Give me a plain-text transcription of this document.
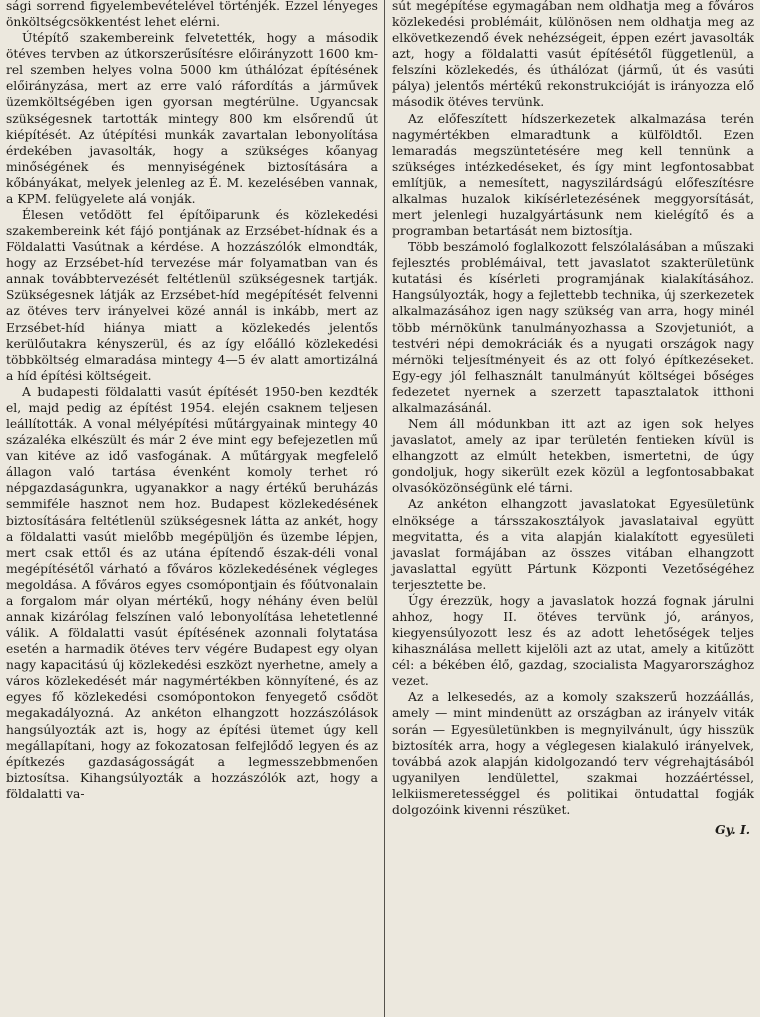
sági sorrend figyelembevételével történjék. Ezzel lényeges önköltségcsökkentést lehet elérni.

Útépítő szakembereink felvetették, hogy a második ötéves tervben az útkorszerűsítésre előirányzott 1600 km-rel szemben helyes volna 5000 km úthálózat építésének előirányzása, mert az erre való ráfordítás a járművek üzemköltségében igen gyorsan megtérülne. Ugyancsak szükségesnek tartották mintegy 800 km elsőrendű út kiépítését. Az útépítési munkák zavartalan lebonyolítása érdekében javasolták, hogy a szükséges kőanyag minőségének és mennyiségének biztosítására a kőbányákat, melyek jelenleg az É. M. kezelésében vannak, a KPM. felügyelete alá vonják.

Élesen vetődött fel építőiparunk és közlekedési szakembereink két fájó pontjának az Erzsébet-hídnak és a Földalatti Vasútnak a kérdése. A hozzászólók elmondták, hogy az Erzsébet-híd tervezése már folyamatban van és annak továbbtervezését feltétlenül szükségesnek tartják. Szükségesnek látják az Erzsébet-híd megépítését felvenni az ötéves terv irányelvei közé annál is inkább, mert az Erzsébet-híd hiánya miatt a közlekedés jelentős kerülőutakra kényszerül, és az így előálló közlekedési többköltség elmaradása mintegy 4—5 év alatt amortizálná a híd építési költségeit.

A budapesti földalatti vasút építését 1950-ben kezdték el, majd pedig az építést 1954. elején csaknem teljesen leállították. A vonal mélyépítési műtárgyainak mintegy 40 százaléka elkészült és már 2 éve mint egy befejezetlen mű van kitéve az idő vasfogának. A műtárgyak megfelelő állagon való tartása évenként komoly terhet ró népgazdaságunkra, ugyanakkor a nagy értékű beruházás semmiféle hasznot nem hoz. Budapest közlekedésének biztosítására feltétlenül szükségesnek látta az ankét, hogy a földalatti vasút mielőbb megépüljön és üzembe lépjen, mert csak ettől és az utána építendő észak-déli vonal megépítésétől várható a főváros közlekedésének végleges megoldása. A főváros egyes csomópontjain és főútvonalain a forgalom már olyan mértékű, hogy néhány éven belül annak kizárólag felszínen való lebonyolítása lehetetlenné válik. A földalatti vasút építésének azonnali folytatása esetén a harmadik ötéves terv végére Budapest egy olyan nagy kapacitású új közlekedési eszközt nyerhetne, amely a város közlekedését már nagymértékben könnyítené, és az egyes fő közlekedési csomópontokon fenyegető csődöt megakadályozná. Az ankéton elhangzott hozzászólások hangsúlyozták azt is, hogy az építési ütemet úgy kell megállapítani, hogy az fokozatosan felfejlődő legyen és az építkezés gazdaságosságát a legmesszebbmenően biztosítsa. Kihangsúlyozták a hozzászólók azt, hogy a földalatti va-

sút megépítése egymagában nem oldhatja meg a főváros közlekedési problémáit, különösen nem oldhatja meg az elkövetkezendő évek nehézségeit, éppen ezért javasolták azt, hogy a földalatti vasút építésétől függetlenül, a felszíni közlekedés, és úthálózat (jármű, út és vasúti pálya) jelentős mértékű rekonstrukcióját is irányozza elő második ötéves tervünk.

Az előfeszített hídszerkezetek alkalmazása terén nagymértékben elmaradtunk a külföldtől. Ezen lemaradás megszüntetésére meg kell tennünk a szükséges intézkedéseket, és így mint legfontosabbat említjük, a nemesített, nagyszilárdságú előfeszítésre alkalmas huzalok kikísérletezésének meggyorsítását, mert jelenlegi huzalgyártásunk nem kielégítő és a programban betartását nem biztosítja.

Több beszámoló foglalkozott felszólalásában a műszaki fejlesztés problémáival, tett javaslatot szakterületünk kutatási és kísérleti programjának kialakításához. Hangsúlyozták, hogy a fejlettebb technika, új szerkezetek alkalmazásához igen nagy szükség van arra, hogy minél több mérnökünk tanulmányozhassa a Szovjetuniót, a testvéri népi demokráciák és a nyugati országok nagy mérnöki teljesítményeit és az ott folyó építkezéseket. Egy-egy jól felhasznált tanulmányút költségei bőséges fedezetet nyernek a szerzett tapasztalatok itthoni alkalmazásánál.

Nem áll módunkban itt azt az igen sok helyes javaslatot, amely az ipar területén fentieken kívül is elhangzott az elmúlt hetekben, ismertetni, de úgy gondoljuk, hogy sikerült ezek közül a legfontosabbakat olvasóközönségünk elé tárni.

Az ankéton elhangzott javaslatokat Egyesületünk elnöksége a társszakosztályok javaslataival együtt megvitatta, és a vita alapján kialakított egyesületi javaslat formájában az összes vitában elhangzott javaslattal együtt Pártunk Központi Vezetőségéhez terjesztette be.

Úgy érezzük, hogy a javaslatok hozzá fognak járulni ahhoz, hogy II. ötéves tervünk jó, arányos, kiegyensúlyozott lesz és az adott lehetőségek teljes kihasználása mellett kijelöli azt az utat, amely a kitűzött cél: a békében élő, gazdag, szocialista Magyarországhoz vezet.

Az a lelkesedés, az a komoly szakszerű hozzáállás, amely — mint mindenütt az országban az irányelv viták során — Egyesületünkben is megnyilvánult, úgy hisszük biztosíték arra, hogy a véglegesen kialakuló irányelvek, továbbá azok alapján kidolgozandó terv végrehajtásából ugyanilyen lendülettel, szakmai hozzáértéssel, lelkiismeretességgel és politikai öntudattal fogják dolgozóink kivenni részüket.

Gy. I.
